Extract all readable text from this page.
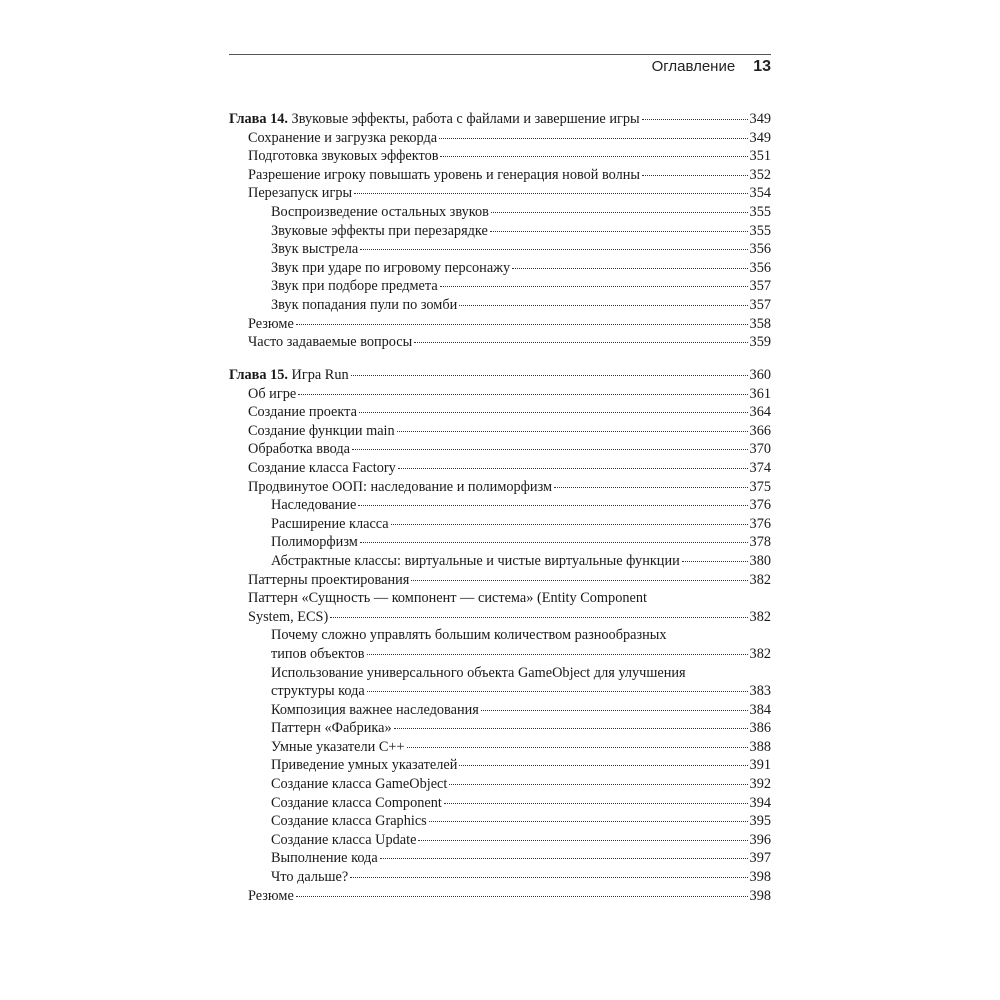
Оглавление 13
Глава 14. Звуковые эффекты, работа с файлами и завершение игры	349
Сохранение и загрузка рекорда	349
Подготовка звуковых эффектов	351
Разрешение игроку повышать уровень и генерация новой волны	352
Перезапуск игры	354
Воспроизведение остальных звуков	355
Звуковые эффекты при перезарядке	355
Звук выстрела	356
Звук при ударе по игровому персонажу	356
Звук при подборе предмета	357
Звук попадания пули по зомби	357
Резюме	358
Часто задаваемые вопросы	359
Глава 15. Игра Run	360
Об игре	361
Создание проекта	364
Создание функции main	366
Обработка ввода	370
Создание класса Factory	374
Продвинутое ООП: наследование и полиморфизм	375
Наследование	376
Расширение класса	376
Полиморфизм	378
Абстрактные классы: виртуальные и чистые виртуальные функции	380
Паттерны проектирования	382
Паттерн «Сущность — компонент — система» (Entity Component
System, ECS)	382
Почему сложно управлять большим количеством разнообразных
типов объектов	382
Использование универсального объекта GameObject для улучшения
структуры кода	383
Композиция важнее наследования	384
Паттерн «Фабрика»	386
Умные указатели C++	388
Приведение умных указателей	391
Создание класса GameObject	392
Создание класса Component	394
Создание класса Graphics	395
Создание класса Update	396
Выполнение кода	397
Что дальше?	398
Резюме	398
